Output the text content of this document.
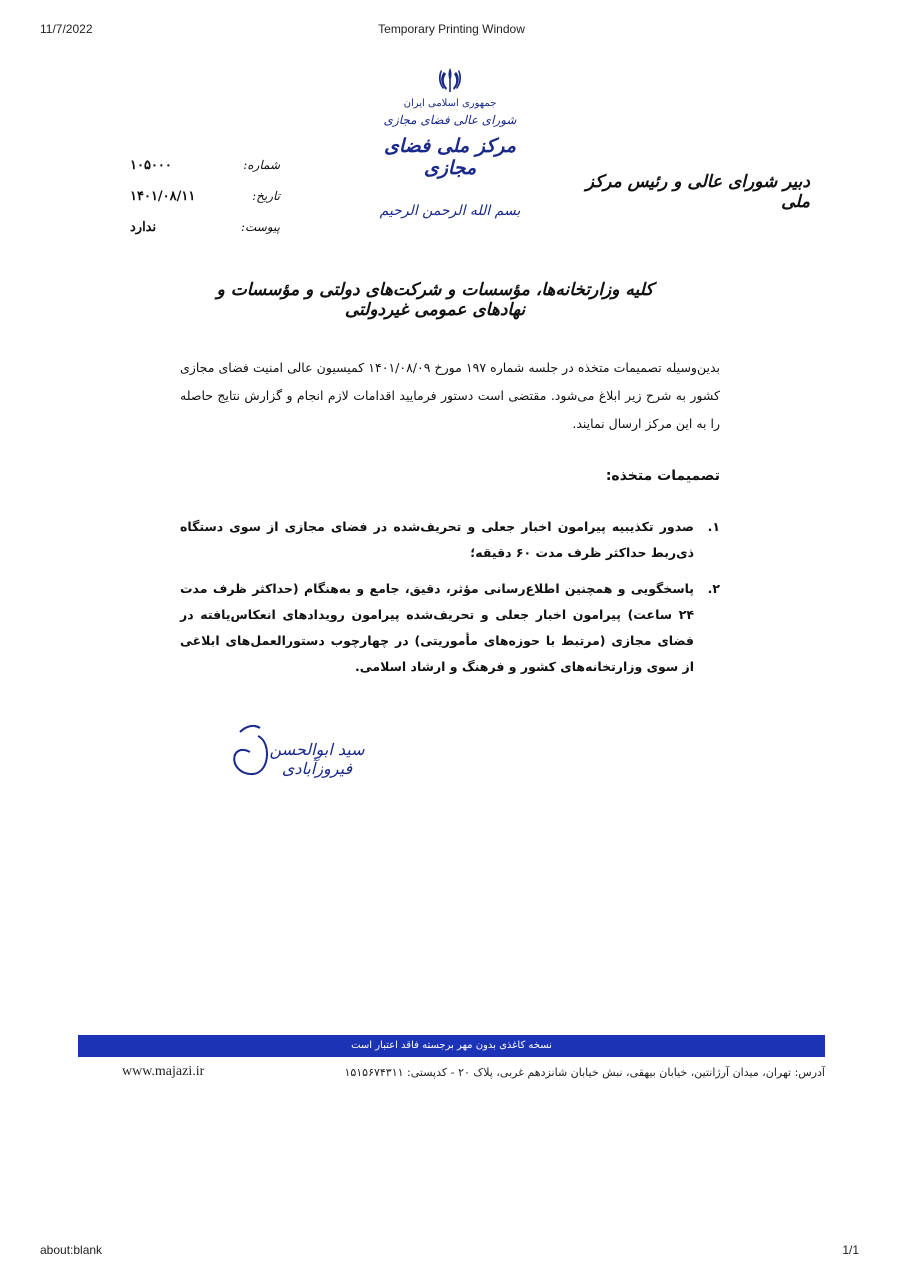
11/7/2022	Temporary Printing Window
جمهوری اسلامی ایران
شورای عالی فضای مجازی
مرکز ملی فضای مجازی
بسم الله الرحمن الرحیم
شماره:
۱۰۵۰۰۰
تاریخ:
۱۴۰۱/۰۸/۱۱
پیوست:
ندارد
دبیر شورای عالی و رئیس مرکز ملی
کلیه وزارتخانه‌ها، مؤسسات و شرکت‌های دولتی و مؤسسات و نهادهای عمومی غیردولتی
بدین‌وسیله تصمیمات متخذه در جلسه شماره ۱۹۷ مورخ ۱۴۰۱/۰۸/۰۹ کمیسیون عالی امنیت فضای مجازی کشور به شرح زیر ابلاغ می‌شود. مقتضی است دستور فرمایید اقدامات لازم انجام و گزارش نتایج حاصله را به این مرکز ارسال نمایند.
تصمیمات متخذه:
۱.
صدور تکذیبیه پیرامون اخبار جعلی و تحریف‌شده در فضای مجازی از سوی دستگاه ذی‌ربط حداکثر ظرف مدت ۶۰ دقیقه؛
۲.
پاسخگویی و همچنین اطلاع‌رسانی مؤثر، دقیق، جامع و به‌هنگام (حداکثر ظرف مدت ۲۴ ساعت) پیرامون اخبار جعلی و تحریف‌شده پیرامون رویدادهای انعکاس‌یافته در فضای مجازی (مرتبط با حوزه‌های مأموریتی) در چهارچوب دستورالعمل‌های ابلاغی از سوی وزارتخانه‌های کشور و فرهنگ و ارشاد اسلامی.
سید ابوالحسن فیروزآبادی
نسخه کاغذی بدون مهر برجسته فاقد اعتبار است
آدرس: تهران، میدان آرژانتین، خیابان بیهقی، نبش خیابان شانزدهم غربی، پلاک ۲۰ - کدپستی: ۱۵۱۵۶۷۴۳۱۱
www.majazi.ir
about:blank	1/1
